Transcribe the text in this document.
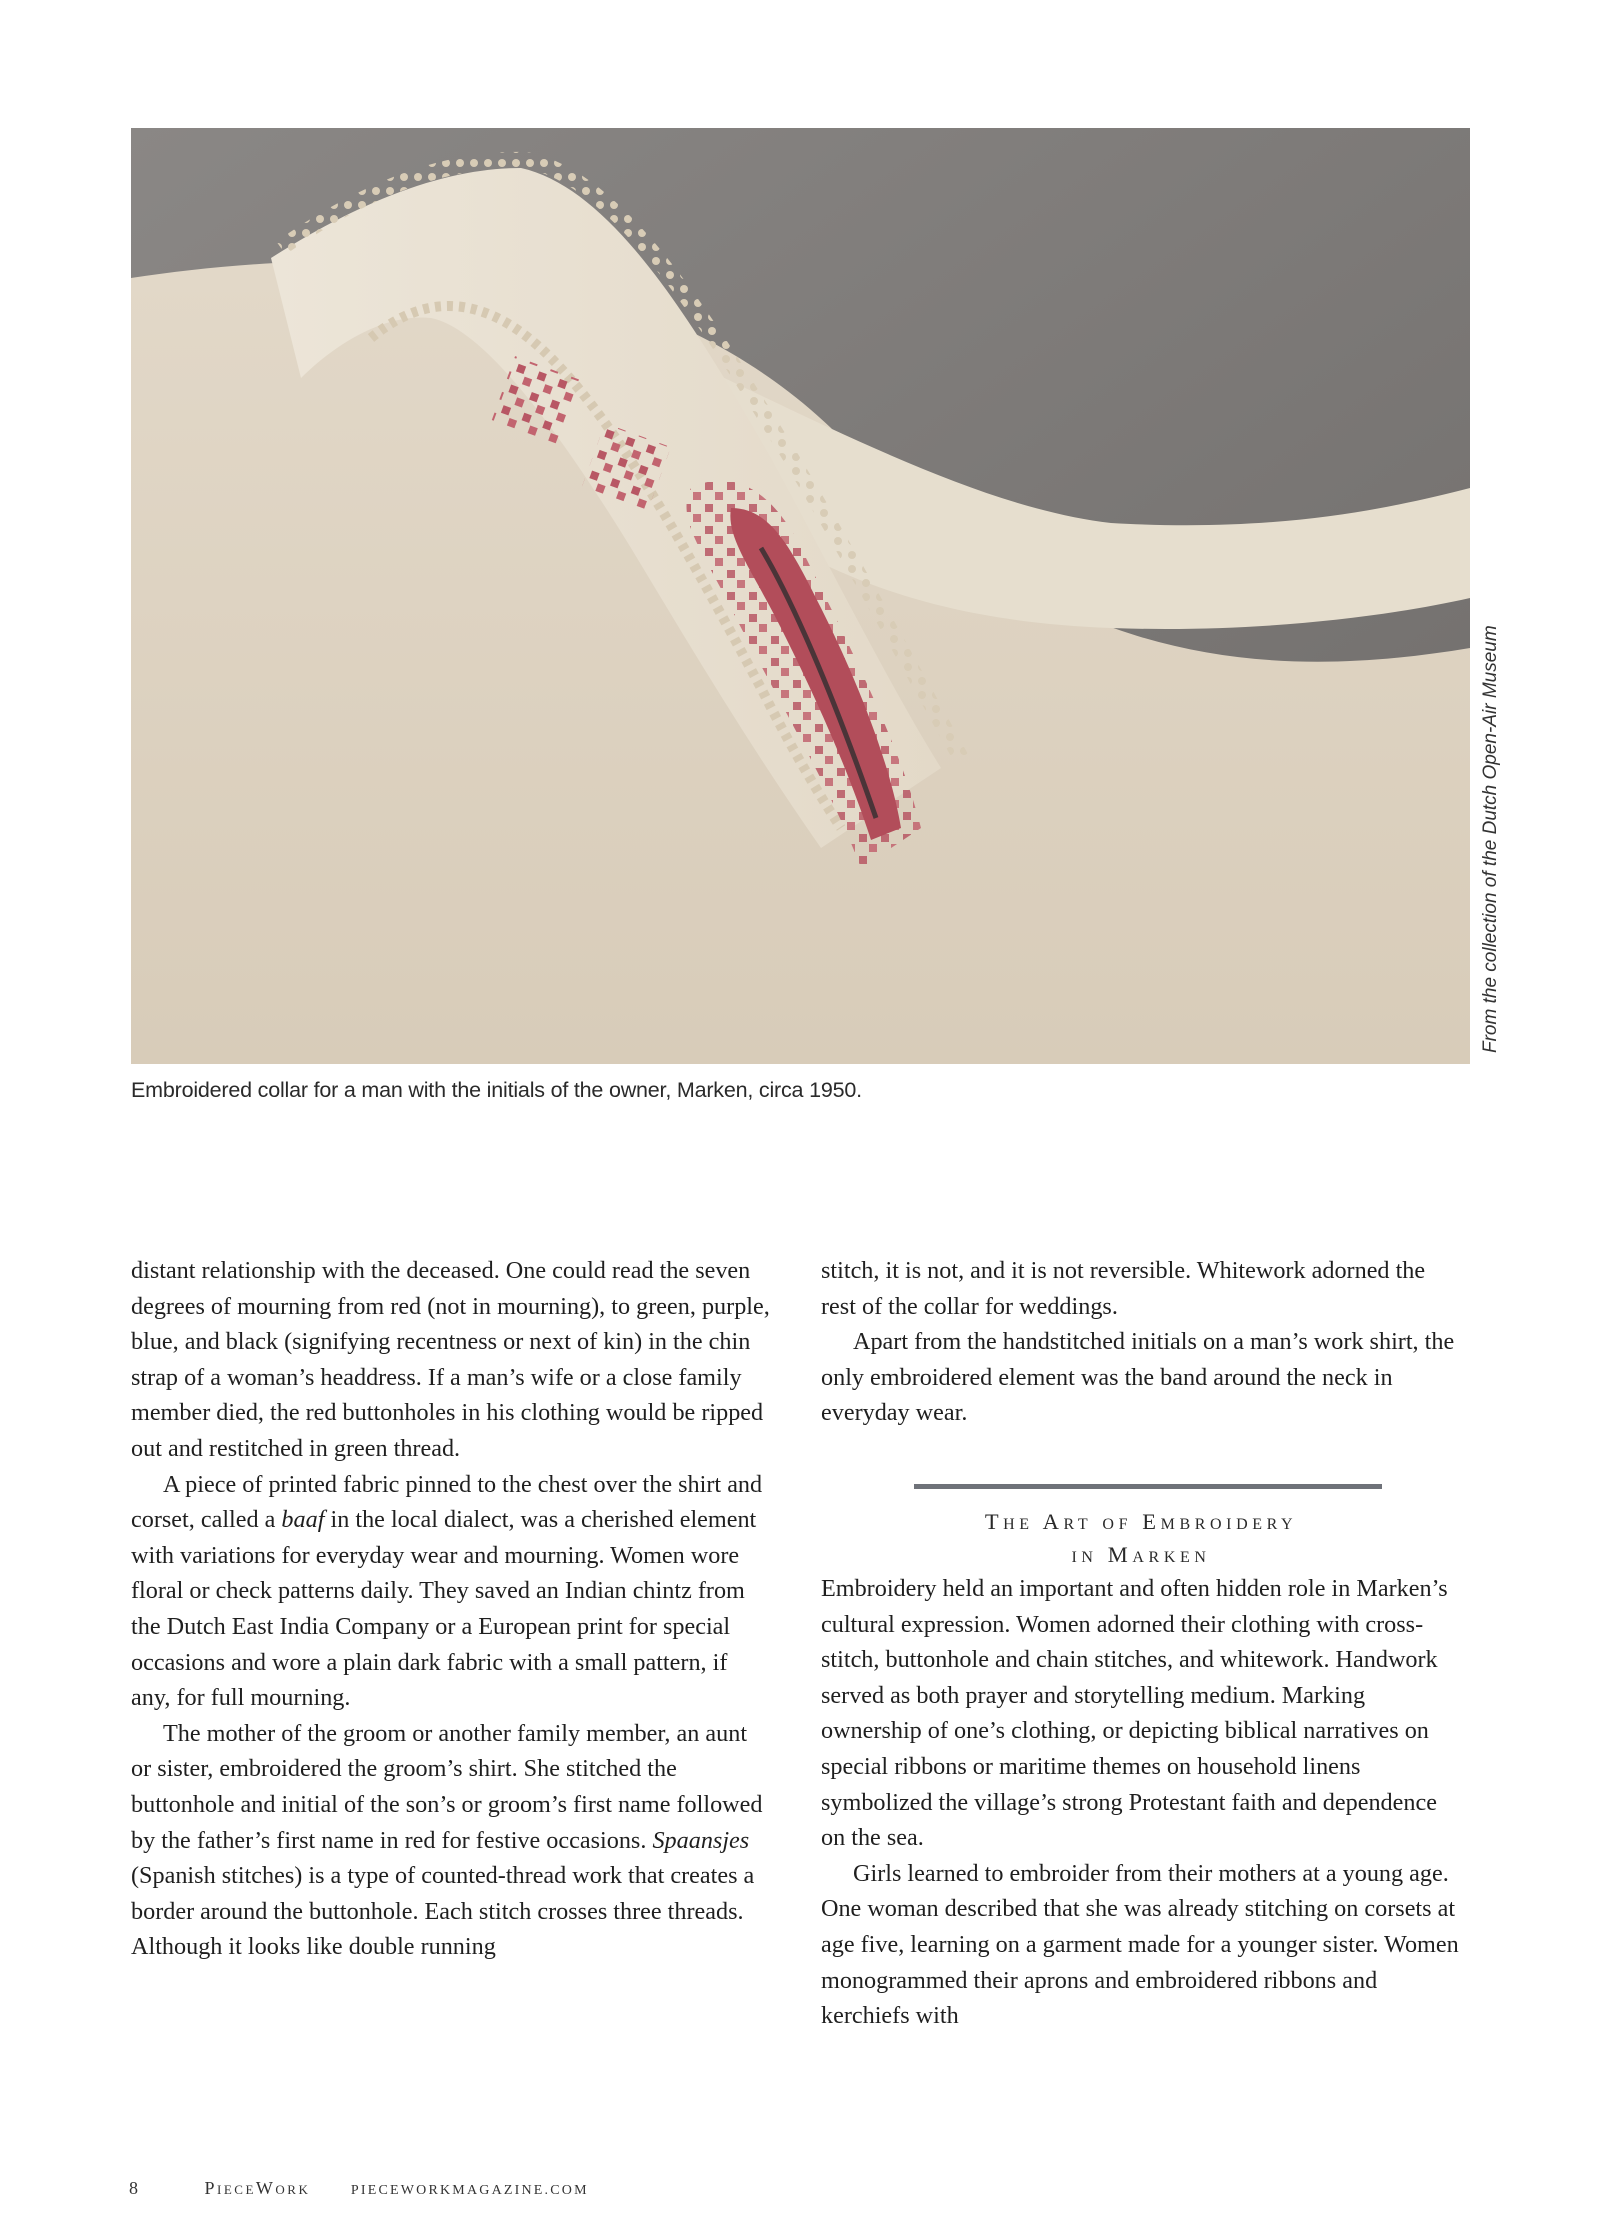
From the collection of the Dutch Open-Air Museum
Embroidered collar for a man with the initials of the owner, Marken, circa 1950.

distant relationship with the deceased. One could read the seven degrees of mourning from red (not in mourning), to green, purple, blue, and black (signifying recentness or next of kin) in the chin strap of a woman’s headdress. If a man’s wife or a close family member died, the red buttonholes in his clothing would be ripped out and restitched in green thread.

A piece of printed fabric pinned to the chest over the shirt and corset, called a baaf in the local dialect, was a cherished element with variations for everyday wear and mourning. Women wore floral or check patterns daily. They saved an Indian chintz from the Dutch East India Company or a European print for special occasions and wore a plain dark fabric with a small pattern, if any, for full mourning.

The mother of the groom or another family member, an aunt or sister, embroidered the groom’s shirt. She stitched the buttonhole and initial of the son’s or groom’s first name followed by the father’s first name in red for festive occasions. Spaansjes (Spanish stitches) is a type of counted-thread work that creates a border around the buttonhole. Each stitch crosses three threads. Although it looks like double running

stitch, it is not, and it is not reversible. Whitework adorned the rest of the collar for weddings.

Apart from the handstitched initials on a man’s work shirt, the only embroidered element was the band around the neck in everyday wear.

The Art of Embroidery
in Marken

Embroidery held an important and often hidden role in Marken’s cultural expression. Women adorned their clothing with cross-stitch, buttonhole and chain stitches, and whitework. Handwork served as both prayer and storytelling medium. Marking ownership of one’s clothing, or depicting biblical narratives on special ribbons or maritime themes on household linens symbolized the village’s strong Protestant faith and dependence on the sea.

Girls learned to embroider from their mothers at a young age. One woman described that she was already stitching on corsets at age five, learning on a garment made for a younger sister. Women monogrammed their aprons and embroidered ribbons and kerchiefs with

8	PieceWork	PIECEWORKMAGAZINE.COM
